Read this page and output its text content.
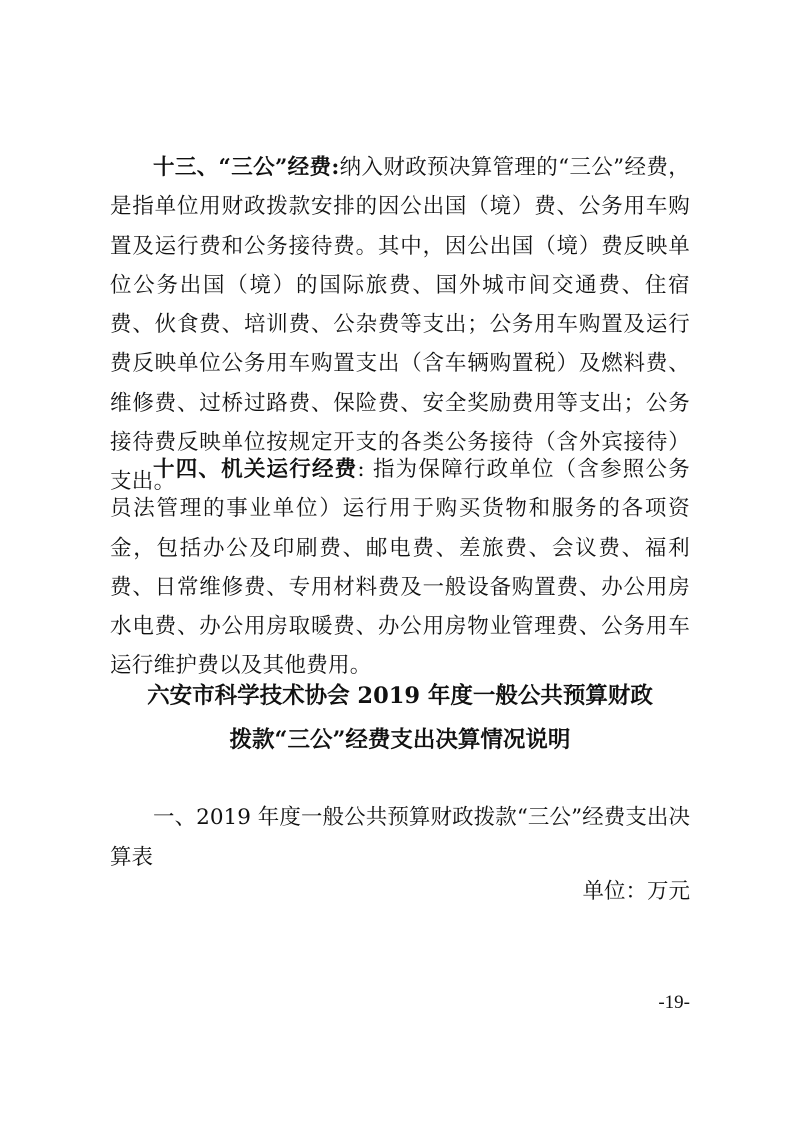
十三、“三公”经费:纳入财政预决算管理的“三公”经费，是指单位用财政拨款安排的因公出国（境）费、公务用车购置及运行费和公务接待费。其中，因公出国（境）费反映单位公务出国（境）的国际旅费、国外城市间交通费、住宿费、伙食费、培训费、公杂费等支出；公务用车购置及运行费反映单位公务用车购置支出（含车辆购置税）及燃料费、维修费、过桥过路费、保险费、安全奖励费用等支出；公务接待费反映单位按规定开支的各类公务接待（含外宾接待）支出。

十四、机关运行经费: 指为保障行政单位（含参照公务员法管理的事业单位）运行用于购买货物和服务的各项资金，包括办公及印刷费、邮电费、差旅费、会议费、福利费、日常维修费、专用材料费及一般设备购置费、办公用房水电费、办公用房取暖费、办公用房物业管理费、公务用车运行维护费以及其他费用。

六安市科学技术协会 2019 年度一般公共预算财政
拨款“三公”经费支出决算情况说明

一、2019 年度一般公共预算财政拨款“三公”经费支出决算表

单位：万元

-19-
